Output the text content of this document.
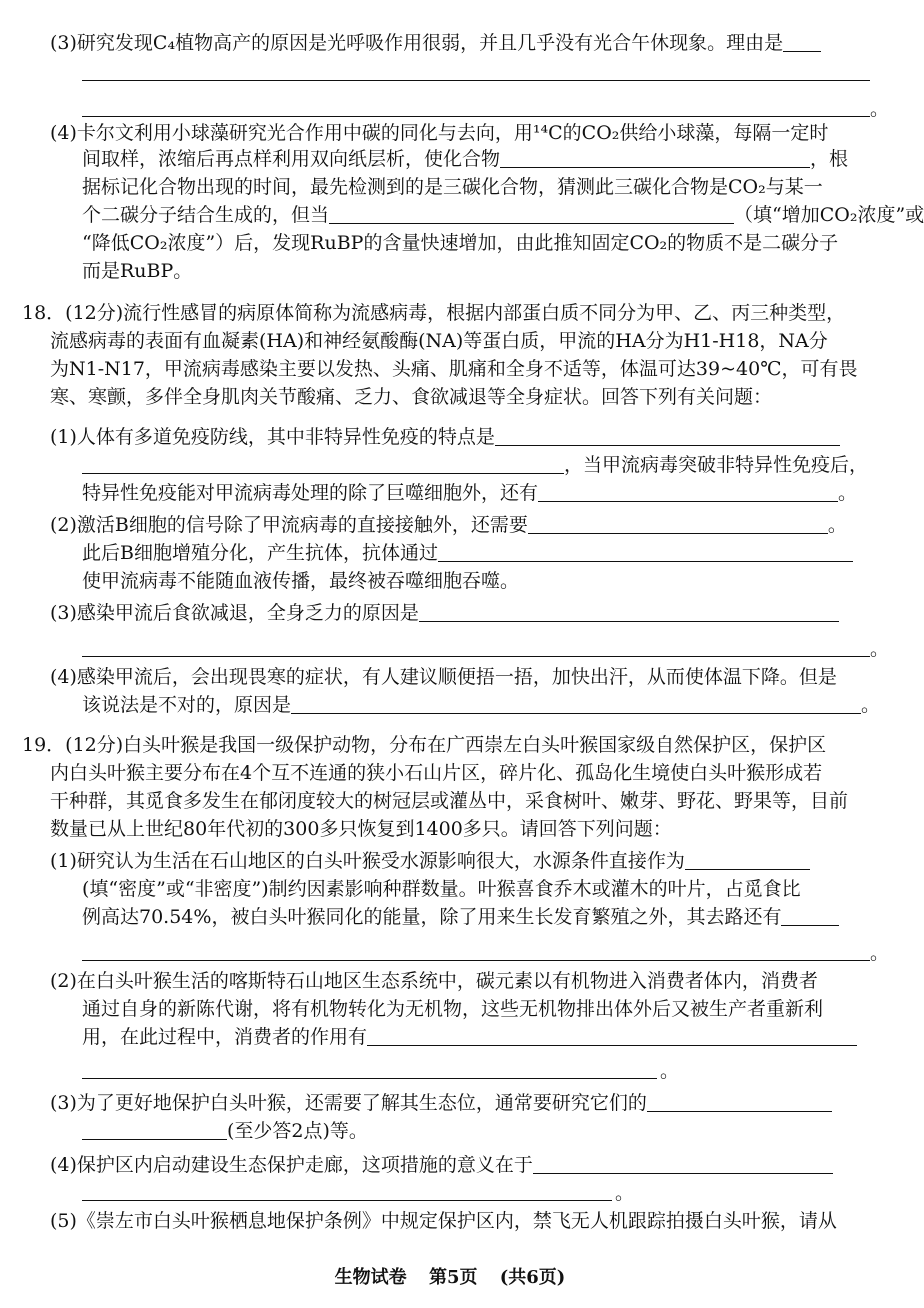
(3)研究发现C₄植物高产的原因是光呼吸作用很弱，并且几乎没有光合午休现象。理由是
。
(4)卡尔文利用小球藻研究光合作用中碳的同化与去向，用¹⁴C的CO₂供给小球藻，每隔一定时
间取样，浓缩后再点样利用双向纸层析，使化合物	，根
据标记化合物出现的时间，最先检测到的是三碳化合物，猜测此三碳化合物是CO₂与某一
个二碳分子结合生成的，但当	（填“增加CO₂浓度”或
“降低CO₂浓度”）后，发现RuBP的含量快速增加，由此推知固定CO₂的物质不是二碳分子
而是RuBP。
18．(12分)流行性感冒的病原体简称为流感病毒，根据内部蛋白质不同分为甲、乙、丙三种类型，
流感病毒的表面有血凝素(HA)和神经氨酸酶(NA)等蛋白质，甲流的HA分为H1-H18，NA分
为N1-N17，甲流病毒感染主要以发热、头痛、肌痛和全身不适等，体温可达39~40℃，可有畏
寒、寒颤，多伴全身肌肉关节酸痛、乏力、食欲减退等全身症状。回答下列有关问题：
(1)人体有多道免疫防线，其中非特异性免疫的特点是
，当甲流病毒突破非特异性免疫后，
特异性免疫能对甲流病毒处理的除了巨噬细胞外，还有	。
(2)激活B细胞的信号除了甲流病毒的直接接触外，还需要	。
此后B细胞增殖分化，产生抗体，抗体通过
使甲流病毒不能随血液传播，最终被吞噬细胞吞噬。
(3)感染甲流后食欲减退，全身乏力的原因是
。
(4)感染甲流后，会出现畏寒的症状，有人建议顺便捂一捂，加快出汗，从而使体温下降。但是
该说法是不对的，原因是	。
19．(12分)白头叶猴是我国一级保护动物，分布在广西崇左白头叶猴国家级自然保护区，保护区
内白头叶猴主要分布在4个互不连通的狭小石山片区，碎片化、孤岛化生境使白头叶猴形成若
干种群，其觅食多发生在郁闭度较大的树冠层或灌丛中，采食树叶、嫩芽、野花、野果等，目前
数量已从上世纪80年代初的300多只恢复到1400多只。请回答下列问题：
(1)研究认为生活在石山地区的白头叶猴受水源影响很大，水源条件直接作为
(填“密度”或“非密度”)制约因素影响种群数量。叶猴喜食乔木或灌木的叶片，占觅食比
例高达70.54%，被白头叶猴同化的能量，除了用来生长发育繁殖之外，其去路还有
。
(2)在白头叶猴生活的喀斯特石山地区生态系统中，碳元素以有机物进入消费者体内，消费者
通过自身的新陈代谢，将有机物转化为无机物，这些无机物排出体外后又被生产者重新利
用，在此过程中，消费者的作用有
。
(3)为了更好地保护白头叶猴，还需要了解其生态位，通常要研究它们的
(至少答2点)等。
(4)保护区内启动建设生态保护走廊，这项措施的意义在于
。
(5)《崇左市白头叶猴栖息地保护条例》中规定保护区内，禁飞无人机跟踪拍摄白头叶猴，请从
生物试卷 第5页 (共6页)
